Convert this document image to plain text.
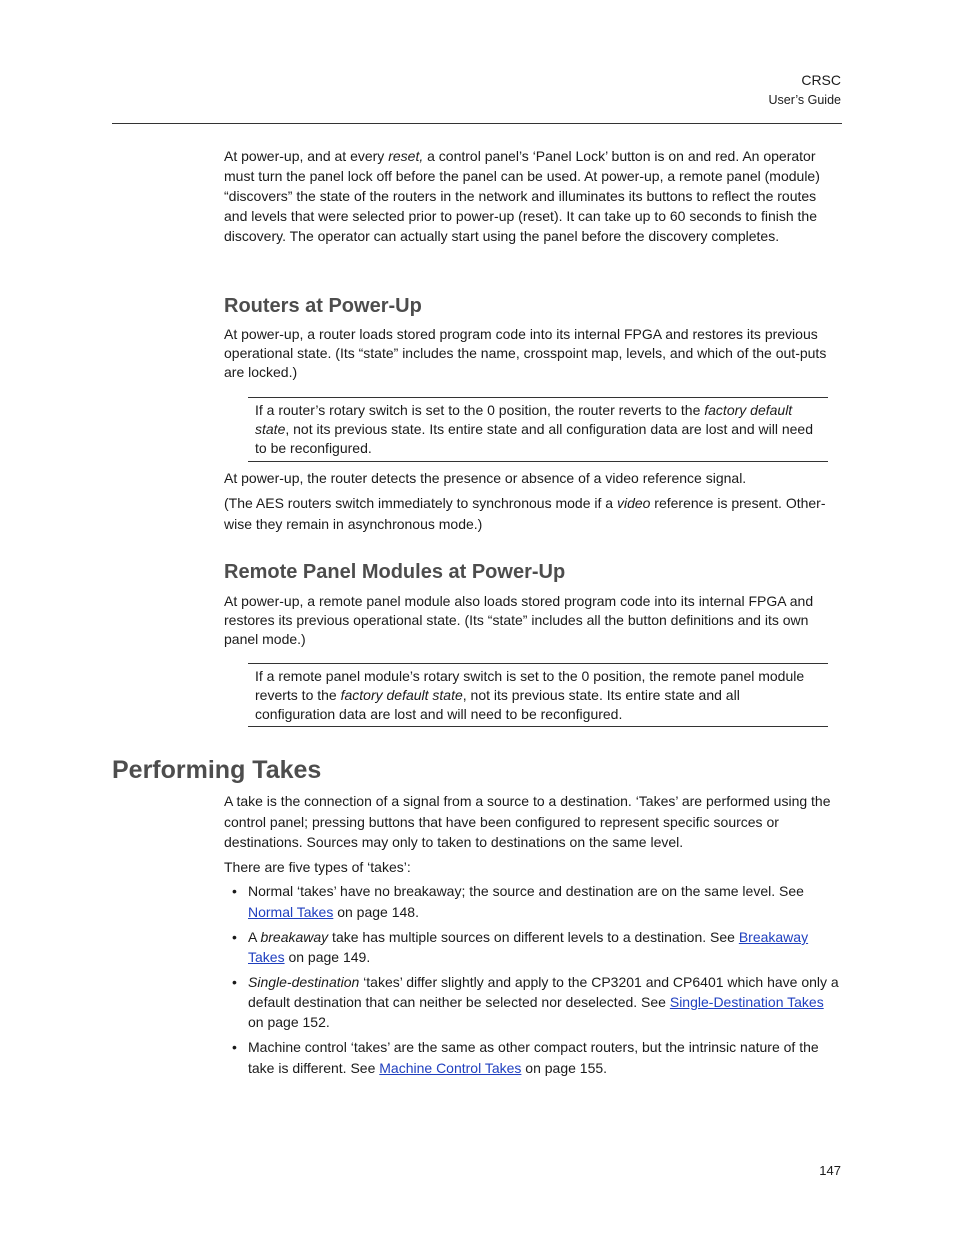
CRSC
User’s Guide

At power-up, and at every reset, a control panel’s ‘Panel Lock’ button is on and red. An operator must turn the panel lock off before the panel can be used. At power-up, a remote panel (module) “discovers” the state of the routers in the network and illuminates its buttons to reflect the routes and levels that were selected prior to power-up (reset). It can take up to 60 seconds to finish the discovery. The operator can actually start using the panel before the discovery completes.

Routers at Power-Up

At power-up, a router loads stored program code into its internal FPGA and restores its previous operational state. (Its “state” includes the name, crosspoint map, levels, and which of the out-puts are locked.)

If a router’s rotary switch is set to the 0 position, the router reverts to the factory default state, not its previous state. Its entire state and all configuration data are lost and will need to be reconfigured.

At power-up, the router detects the presence or absence of a video reference signal.

(The AES routers switch immediately to synchronous mode if a video reference is present. Other-wise they remain in asynchronous mode.)

Remote Panel Modules at Power-Up

At power-up, a remote panel module also loads stored program code into its internal FPGA and restores its previous operational state. (Its “state” includes all the button definitions and its own panel mode.)

If a remote panel module’s rotary switch is set to the 0 position, the remote panel module reverts to the factory default state, not its previous state. Its entire state and all configuration data are lost and will need to be reconfigured.

Performing Takes

A take is the connection of a signal from a source to a destination. ‘Takes’ are performed using the control panel; pressing buttons that have been configured to represent specific sources or destinations. Sources may only to taken to destinations on the same level.

There are five types of ‘takes’:

• Normal ‘takes’ have no breakaway; the source and destination are on the same level. See Normal Takes on page 148.
• A breakaway take has multiple sources on different levels to a destination. See Breakaway Takes on page 149.
• Single-destination ‘takes’ differ slightly and apply to the CP3201 and CP6401 which have only a default destination that can neither be selected nor deselected. See Single-Destination Takes on page 152.
• Machine control ‘takes’ are the same as other compact routers, but the intrinsic nature of the take is different. See Machine Control Takes on page 155.
147
